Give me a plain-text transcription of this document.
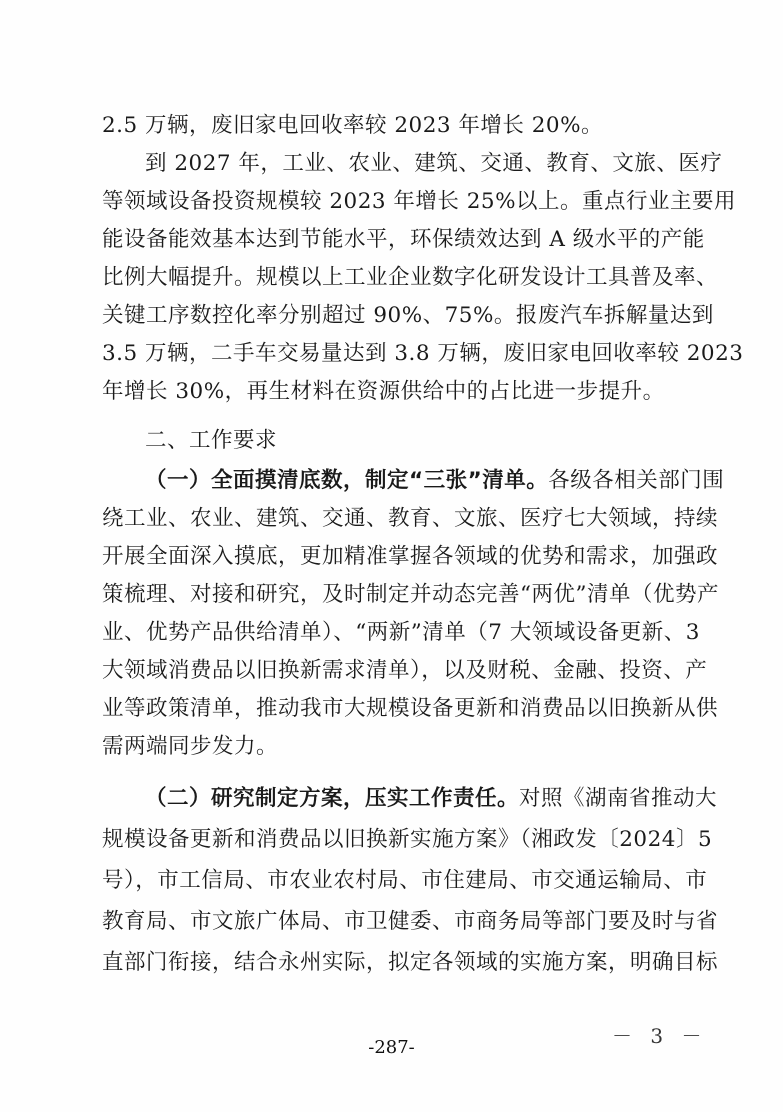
2.5 万辆，废旧家电回收率较 2023 年增长 20%。
到 2027 年，工业、农业、建筑、交通、教育、文旅、医疗
等领域设备投资规模较 2023 年增长 25%以上。重点行业主要用
能设备能效基本达到节能水平，环保绩效达到 A 级水平的产能
比例大幅提升。规模以上工业企业数字化研发设计工具普及率、
关键工序数控化率分别超过 90%、75%。报废汽车拆解量达到
3.5 万辆，二手车交易量达到 3.8 万辆，废旧家电回收率较 2023
年增长 30%，再生材料在资源供给中的占比进一步提升。
二、工作要求
（一）全面摸清底数，制定“三张”清单。各级各相关部门围
绕工业、农业、建筑、交通、教育、文旅、医疗七大领域，持续
开展全面深入摸底，更加精准掌握各领域的优势和需求，加强政
策梳理、对接和研究，及时制定并动态完善“两优”清单（优势产
业、优势产品供给清单）、“两新”清单（7 大领域设备更新、3
大领域消费品以旧换新需求清单），以及财税、金融、投资、产
业等政策清单，推动我市大规模设备更新和消费品以旧换新从供
需两端同步发力。
（二）研究制定方案，压实工作责任。对照《湖南省推动大
规模设备更新和消费品以旧换新实施方案》（湘政发〔2024〕5
号），市工信局、市农业农村局、市住建局、市交通运输局、市
教育局、市文旅广体局、市卫健委、市商务局等部门要及时与省
直部门衔接，结合永州实际，拟定各领域的实施方案，明确目标
－ 3 －
-287-
